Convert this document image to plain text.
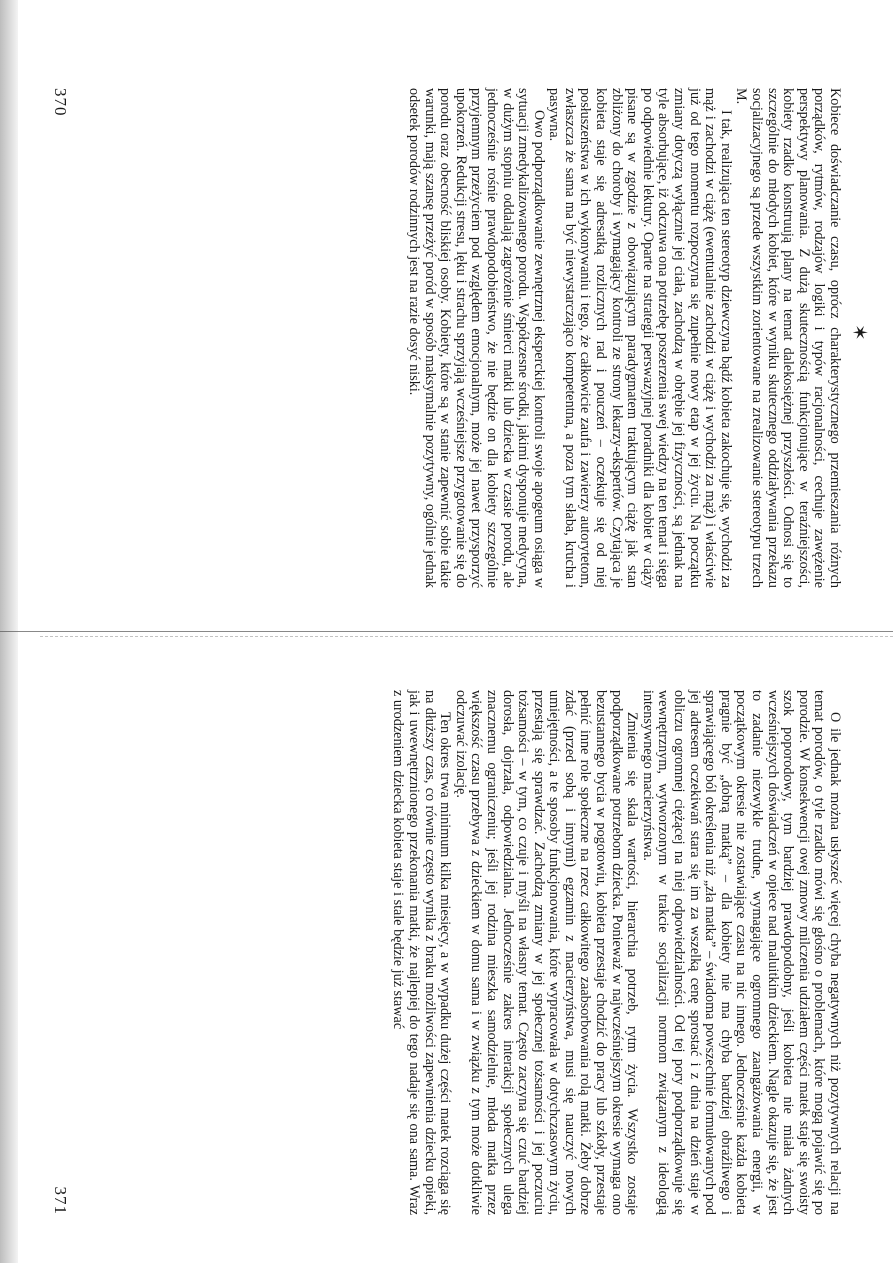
✶

Kobiece doświadczanie czasu, oprócz charakterystycznego przemieszania różnych porządków, rytmów, rodzajów logiki i typów racjonalności, cechuje zawężenie perspektywy planowania. Z dużą skutecznością funkcjonujące w teraźniejszości, kobiety rzadko konstruują plany na temat dalekosiężnej przyszłości. Odnosi się to szczególnie do młodych kobiet, które w wyniku skutecznego oddziaływania przekazu socjalizacyjnego są przede wszystkim zorientowane na zrealizowanie stereotypu trzech M.

I tak, realizująca ten stereotyp dziewczyna bądź kobieta zakochuje się, wychodzi za mąż i zachodzi w ciążę (ewentualnie zachodzi w ciążę i wychodzi za mąż) i właściwie już od tego momentu rozpoczyna się zupełnie nowy etap w jej życiu. Na początku zmiany dotyczą wyłącznie jej ciała, zachodzą w obrębie jej fizyczności, są jednak na tyle absorbujące, iż odczuwa ona potrzebę poszerzenia swej wiedzy na ten temat i sięga po odpowiednie lektury. Oparte na strategii perswazyjnej poradniki dla kobiet w ciąży pisane są w zgodzie z obowiązującym paradygmatem traktującym ciążę jak stan zbliżony do choroby i wymagający kontroli ze strony lekarzy-ekspertów. Czytająca je kobieta staje się adresatką rozlicznych rad i pouczeń – oczekuje się od niej posłuszeństwa w ich wykonywaniu i tego, że całkowicie zaufa i zawierzy autorytetom, zwłaszcza że sama ma być niewystarczająco kompetentna, a poza tym słaba, krucha i pasywna.

Owo podporządkowanie zewnętrznej eksperckiej kontroli swoje apogeum osiąga w sytuacji zmedykalizowanego porodu. Współczesne środki, jakimi dysponuje medycyna, w dużym stopniu oddalają zagrożenie śmierci matki lub dziecka w czasie porodu, ale jednocześnie rośnie prawdopodobieństwo, że nie będzie on dla kobiety szczególnie przyjemnym przeżyciem pod względem emocjonalnym, może jej nawet przysporzyć upokorzeń. Redukcji stresu, lęku i strachu sprzyjają wcześniejsze przygotowanie się do porodu oraz obecność bliskiej osoby. Kobiety, które są w stanie zapewnić sobie takie warunki, mają szansę przeżyć poród w sposób maksymalnie pozytywny, ogólnie jednak odsetek porodów rodzinnych jest na razie dosyć niski.

370

O ile jednak można usłyszeć więcej chyba negatywnych niż pozytywnych relacji na temat porodów, o tyle rzadko mówi się głośno o problemach, które mogą pojawić się po porodzie. W konsekwencji owej zmowy milczenia udziałem części matek staje się swoisty szok poporodowy, tym bardziej prawdopodobny, jeśli kobieta nie miała żadnych wcześniejszych doświadczeń w opiece nad maluitkim dzieckiem. Nagle okazuje się, że jest to zadanie niezwykle trudne, wymagające ogromnego zaangażowania energii, w początkowym okresie nie zostawiające czasu na nic innego. Jednocześnie każda kobieta pragnie być „dobrą matką” – dla kobiety nie ma chyba bardziej obraźliwego i sprawiającego ból określenia niż „zła matka” – świadoma powszechnie formułowanych pod jej adresem oczekiwań stara się im za wszelką cenę sprostać i z dnia na dzień staje w obliczu ogromnej ciężącej na niej odpowiedzialności. Od tej pory podporządkowuje się wewnętrznym, wytworzonym w trakcie socjalizacji normom związanym z ideologią intensywnego macierzyństwa.

Zmienia się skala wartości, hierarchia potrzeb, rytm życia. Wszystko zostaje podporządkowane potrzebom dziecka. Ponieważ w najwcześniejszym okresie wymaga ono bezustannego bycia w pogotowiu, kobieta przestaje chodzić do pracy lub szkoły, przestaje pełnić inne role społeczne na rzecz całkowitego zaabsorbowania rolą matki. Żeby dobrze zdać (przed sobą i innymi) egzamin z macierzyństwa, musi się nauczyć nowych umiejętności, a te sposoby funkcjonowania, które wypracowała w dotychczasowym życiu, przestają się sprawdzać. Zachodzą zmiany w jej społecznej tożsamości i jej poczuciu tożsamości – w tym, co czuje i myśli na własny temat. Często zaczyna się czuć bardziej dorosła, dojrzała, odpowiedzialna. Jednocześnie zakres interakcji społecznych ulega znacznemu ograniczeniu; jeśli jej rodzina mieszka samodzielnie, młoda matka przez większość czasu przebywa z dzieckiem w domu sama i w związku z tym może dotkliwie odczuwać izolację.

Ten okres trwa minimum kilka miesięcy, a w wypadku dużej części matek rozciąga się na dłuższy czas, co równie często wynika z braku możliwości zapewnienia dziecku opieki, jak i uwewnętrznionego przekonania matki, że najlepiej do tego nadaje się ona sama. Wraz z urodzeniem dziecka kobieta staje i stale będzie już stawać

371
